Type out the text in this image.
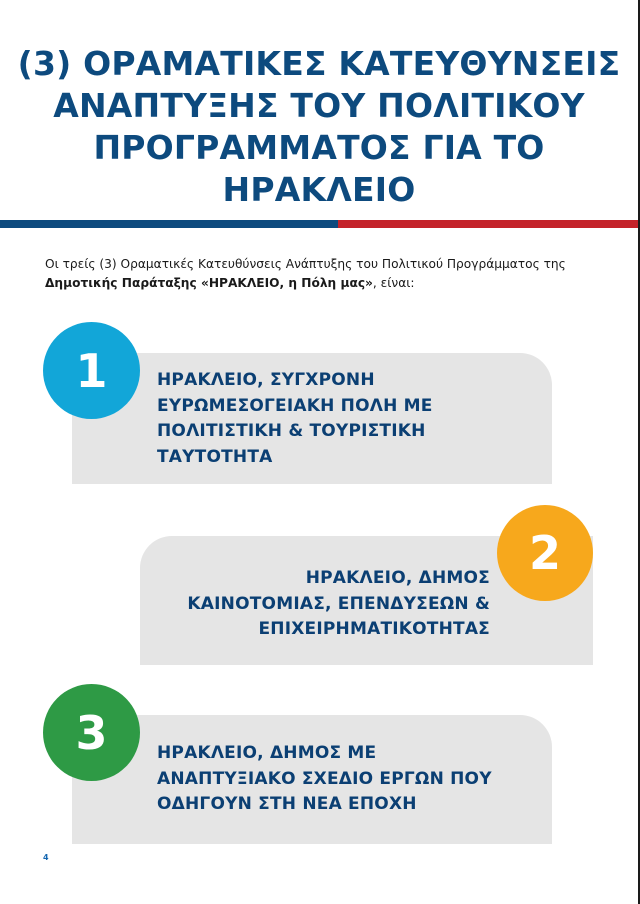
(3) ΟΡΑΜΑΤΙΚΕΣ ΚΑΤΕΥΘΥΝΣΕΙΣ
ΑΝΑΠΤΥΞΗΣ ΤΟΥ ΠΟΛΙΤΙΚΟΥ
ΠΡΟΓΡΑΜΜΑΤΟΣ ΓΙΑ ΤΟ
ΗΡΑΚΛΕΙΟ

Οι τρείς (3) Οραματικές Κατευθύνσεις Ανάπτυξης του Πολιτικού Προγράμματος της Δημοτικής Παράταξης «ΗΡΑΚΛΕΙΟ, η Πόλη μας», είναι:

ΗΡΑΚΛΕΙΟ, ΣΥΓΧΡΟΝΗ
ΕΥΡΩΜΕΣΟΓΕΙΑΚΗ ΠΟΛΗ ΜΕ
ΠΟΛΙΤΙΣΤΙΚΗ & ΤΟΥΡΙΣΤΙΚΗ
ΤΑΥΤΟΤΗΤΑ

1

ΗΡΑΚΛΕΙΟ, ΔΗΜΟΣ
ΚΑΙΝΟΤΟΜΙΑΣ, ΕΠΕΝΔΥΣΕΩΝ &
ΕΠΙΧΕΙΡΗΜΑΤΙΚΟΤΗΤΑΣ

2

ΗΡΑΚΛΕΙΟ, ΔΗΜΟΣ ΜΕ
ΑΝΑΠΤΥΞΙΑΚΟ ΣΧΕΔΙΟ ΕΡΓΩΝ ΠΟΥ
ΟΔΗΓΟΥΝ ΣΤΗ ΝΕΑ ΕΠΟΧΗ

3
4
